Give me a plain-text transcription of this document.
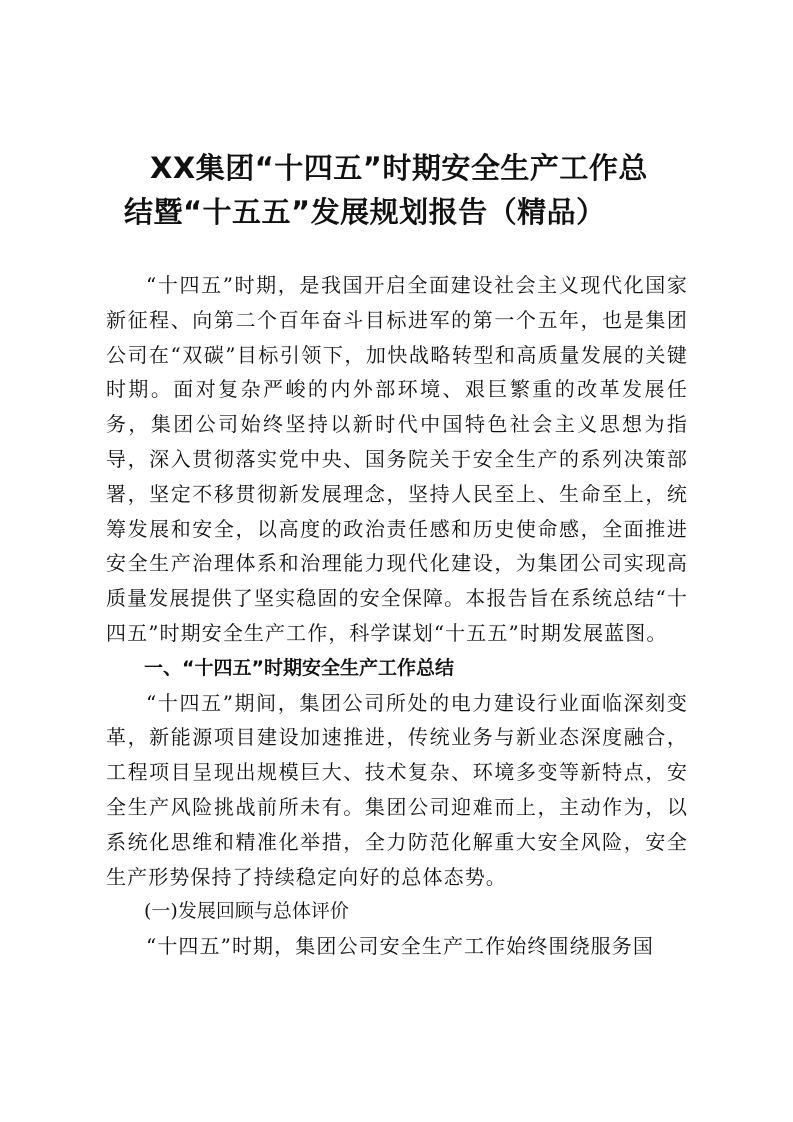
XX集团“十四五”时期安全生产工作总
结暨“十五五”发展规划报告（精品）

“十四五”时期，是我国开启全面建设社会主义现代化国家新征程、向第二个百年奋斗目标进军的第一个五年，也是集团公司在“双碳”目标引领下，加快战略转型和高质量发展的关键时期。面对复杂严峻的内外部环境、艰巨繁重的改革发展任务，集团公司始终坚持以新时代中国特色社会主义思想为指导，深入贯彻落实党中央、国务院关于安全生产的系列决策部署，坚定不移贯彻新发展理念，坚持人民至上、生命至上，统筹发展和安全，以高度的政治责任感和历史使命感，全面推进安全生产治理体系和治理能力现代化建设，为集团公司实现高质量发展提供了坚实稳固的安全保障。本报告旨在系统总结“十四五”时期安全生产工作，科学谋划“十五五”时期发展蓝图。

一、“十四五”时期安全生产工作总结

“十四五”期间，集团公司所处的电力建设行业面临深刻变革，新能源项目建设加速推进，传统业务与新业态深度融合，工程项目呈现出规模巨大、技术复杂、环境多变等新特点，安全生产风险挑战前所未有。集团公司迎难而上，主动作为，以系统化思维和精准化举措，全力防范化解重大安全风险，安全生产形势保持了持续稳定向好的总体态势。

(一)发展回顾与总体评价

“十四五”时期，集团公司安全生产工作始终围绕服务国
